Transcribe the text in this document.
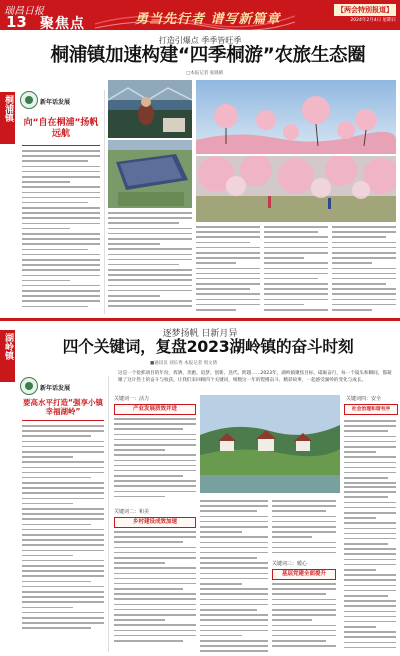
瑞昌日报
13 聚焦点	勇当先行者 谱写新篇章
【两会特别报道】
2024年2月4日 星期日
桐浦镇
湖岭镇
打造引爆点 季季皆旺季
桐浦镇加速构建“四季桐游”农旅生态圈
□本报记者 张晓晴
新年话发展
向“自在桐浦”扬帆远航
逐梦扬帆 日新月异
四个关键词，复盘2023湖岭镇的奋斗时刻
■通讯员 刘长秀 本报记者 周文倩
新年话发展
要高水平打造“强享小镇 幸福湖岭”
这是一个抢抓项目的年份，挥洒、奔跑、追梦、创新、迭代、跨越……2023年，湖岭镇聚焦目标，砥砺奋行，每一个镜头和瞬间，都凝聚了这片热土的奋斗与收获。让我们来回顾四个关键词，细数这一年的铿锵奋斗、精彩故事，一起感受湖岭的变化与成长。
关键词一：活力
产业发展质效并进
关键词二：和美
乡村建设成效加速
关键词四：安全
社会治理和谐有序
关键词三：暖心
基层党建全面提升
